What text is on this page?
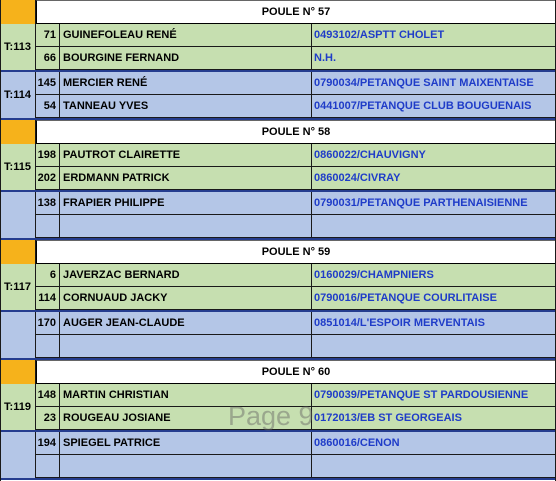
POULE N° 57
T:113
71 GUINEFOLEAU RENÉ	0493102/ASPTT CHOLET
66 BOURGINE FERNAND	N.H.
T:114
145 MERCIER RENÉ	0790034/PETANQUE SAINT MAIXENTAISE
54 TANNEAU YVES	0441007/PETANQUE CLUB BOUGUENAIS
POULE N° 58
T:115
198 PAUTROT CLAIRETTE	0860022/CHAUVIGNY
202 ERDMANN PATRICK	0860024/CIVRAY
138 FRAPIER PHILIPPE	0790031/PETANQUE PARTHENAISIENNE
POULE N° 59
T:117
6 JAVERZAC BERNARD	0160029/CHAMPNIERS
114 CORNUAUD JACKY	0790016/PETANQUE COURLITAISE
170 AUGER JEAN-CLAUDE	0851014/L'ESPOIR MERVENTAIS
POULE N° 60
T:119
148 MARTIN CHRISTIAN	0790039/PETANQUE ST PARDOUSIENNE
23 ROUGEAU JOSIANE	0172013/EB ST GEORGEAIS
194 SPIEGEL PATRICE	0860016/CENON
Page 9
